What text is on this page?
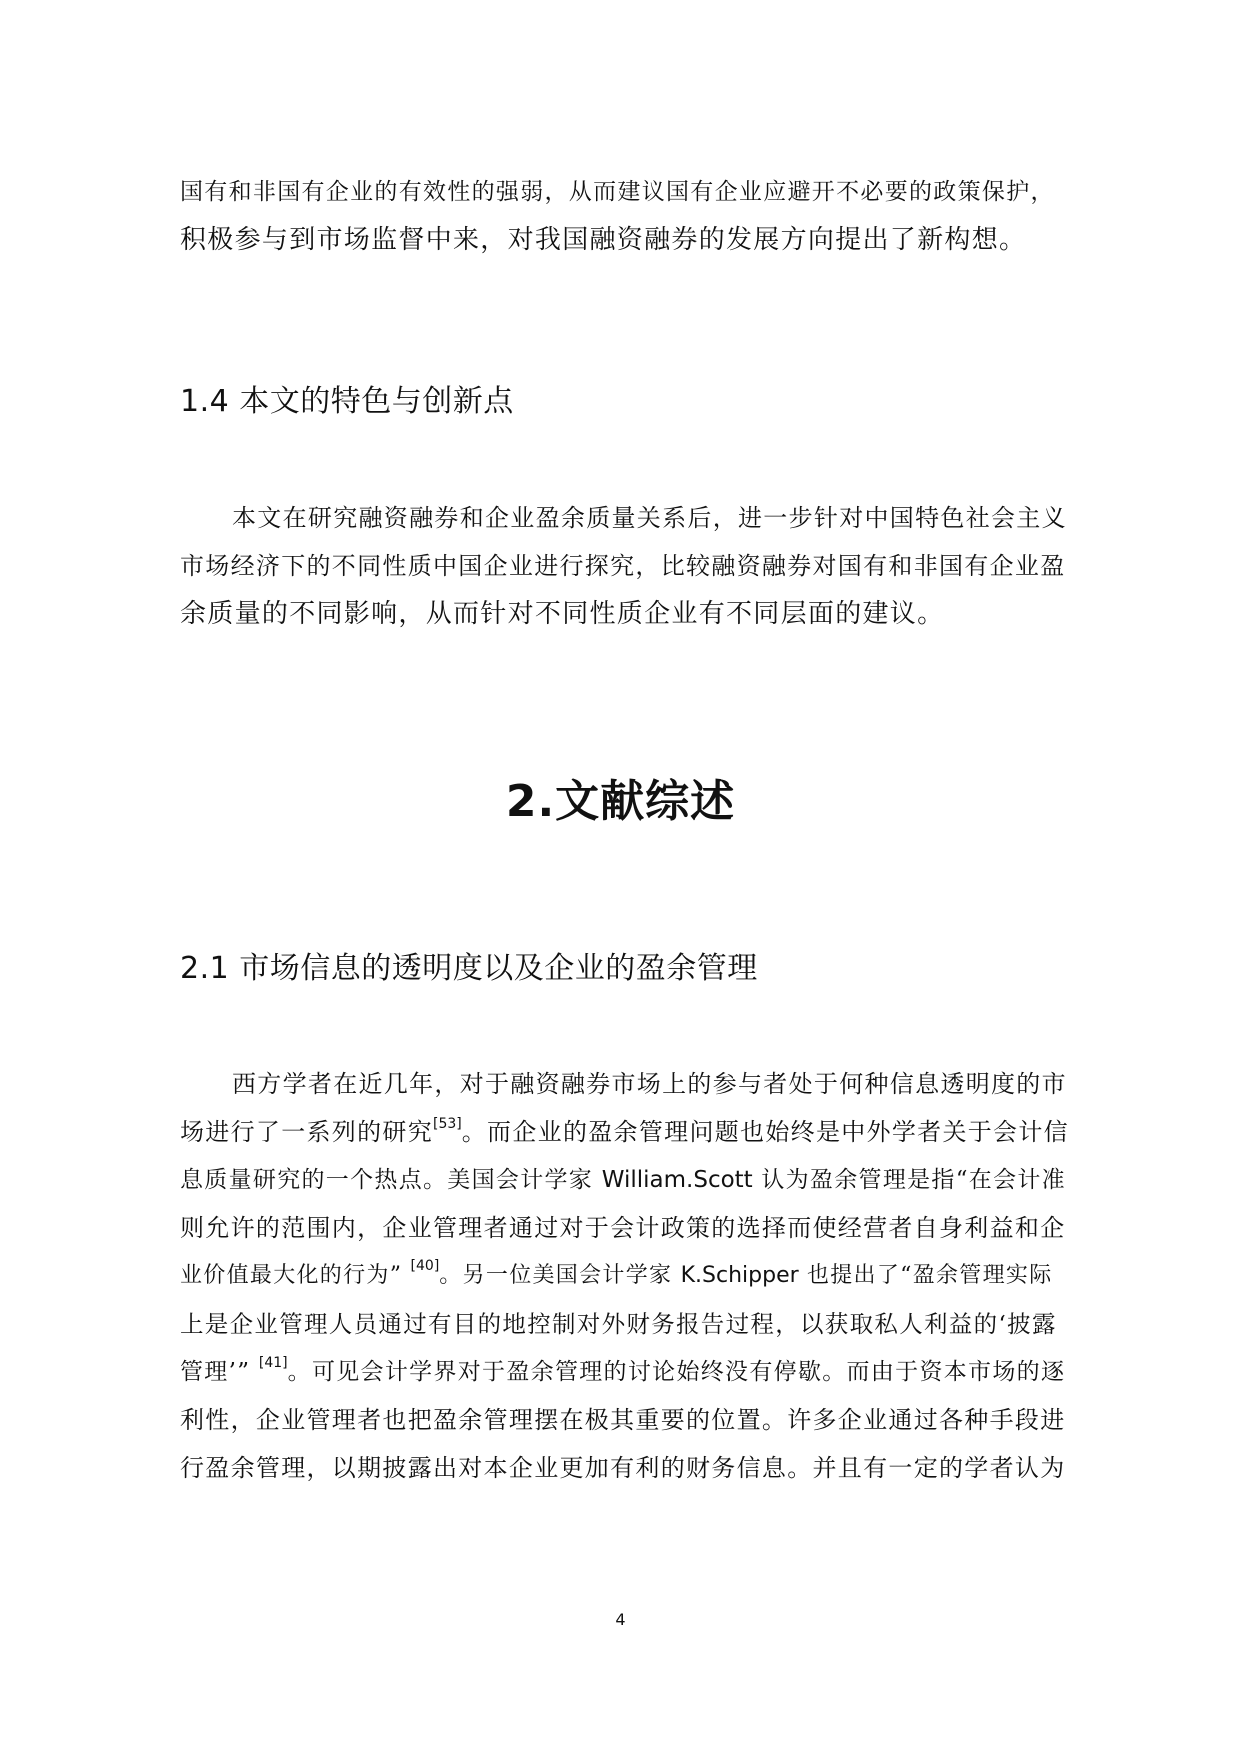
国有和非国有企业的有效性的强弱，从而建议国有企业应避开不必要的政策保护，
积极参与到市场监督中来，对我国融资融券的发展方向提出了新构想。

1.4 本文的特色与创新点

本文在研究融资融券和企业盈余质量关系后，进一步针对中国特色社会主义
市场经济下的不同性质中国企业进行探究，比较融资融券对国有和非国有企业盈
余质量的不同影响，从而针对不同性质企业有不同层面的建议。

2.文献综述
2.1 市场信息的透明度以及企业的盈余管理

西方学者在近几年，对于融资融券市场上的参与者处于何种信息透明度的市
场进行了一系列的研究[53]。而企业的盈余管理问题也始终是中外学者关于会计信
息质量研究的一个热点。美国会计学家 William.Scott 认为盈余管理是指“在会计准
则允许的范围内，企业管理者通过对于会计政策的选择而使经营者自身利益和企
业价值最大化的行为” [40]。另一位美国会计学家 K.Schipper 也提出了“盈余管理实际
上是企业管理人员通过有目的地控制对外财务报告过程，以获取私人利益的‘披露
管理’” [41]。可见会计学界对于盈余管理的讨论始终没有停歇。而由于资本市场的逐
利性，企业管理者也把盈余管理摆在极其重要的位置。许多企业通过各种手段进
行盈余管理，以期披露出对本企业更加有利的财务信息。并且有一定的学者认为

4
